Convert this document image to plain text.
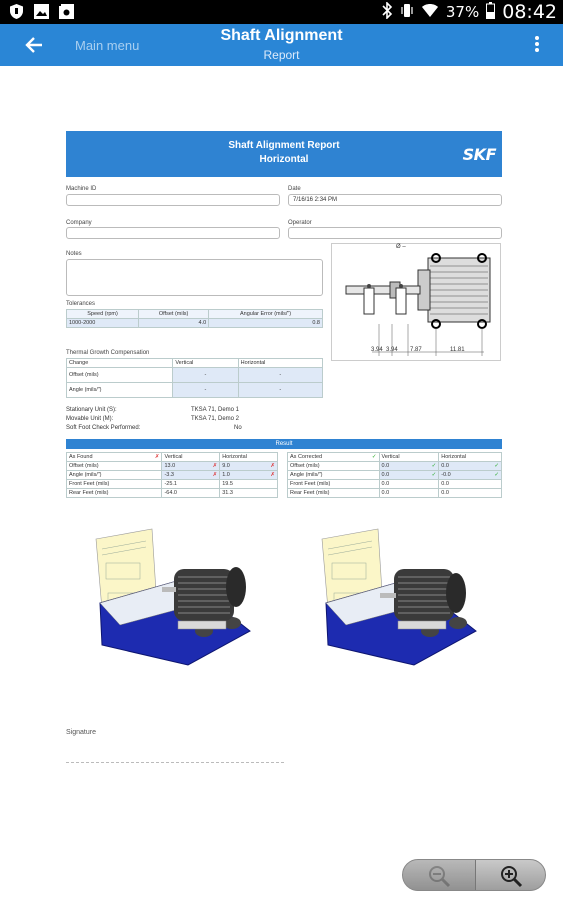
37% 08:42
Main menu
Shaft Alignment
Report
Shaft Alignment Report
Horizontal	SKF
Machine ID	Date
7/16/16 2:34 PM
Company	Operator
Notes
Tolerances
Speed (rpm)	Offset (mils)	Angular Error (mils/")
1000-2000	4.0	0.8
Thermal Growth Compensation
Change	Vertical	Horizontal
Offset (mils)	-	-
Angle (mils/")	-	-
Stationary Unit (S):	TKSA 71, Demo 1
Movable Unit (M):	TKSA 71, Demo 2
Soft Foot Check Performed:	No
Ø –
3.94 3.94 7.87	11.81
Result
As Found ✗	Vertical	Horizontal
Offset (mils)	13.0 ✗	9.0 ✗

Angle (mils/")	-3.3 ✗	1.0 ✗

Front Feet (mils)	-25.1	19.5
Rear Feet (mils)	-64.0	31.3
As Corrected ✓	Vertical	Horizontal
Offset (mils)	0.0 ✓	0.0 ✓

Angle (mils/")	0.0 ✓	-0.0 ✓

Front Feet (mils)	0.0	0.0
Rear Feet (mils)	0.0	0.0
Signature
